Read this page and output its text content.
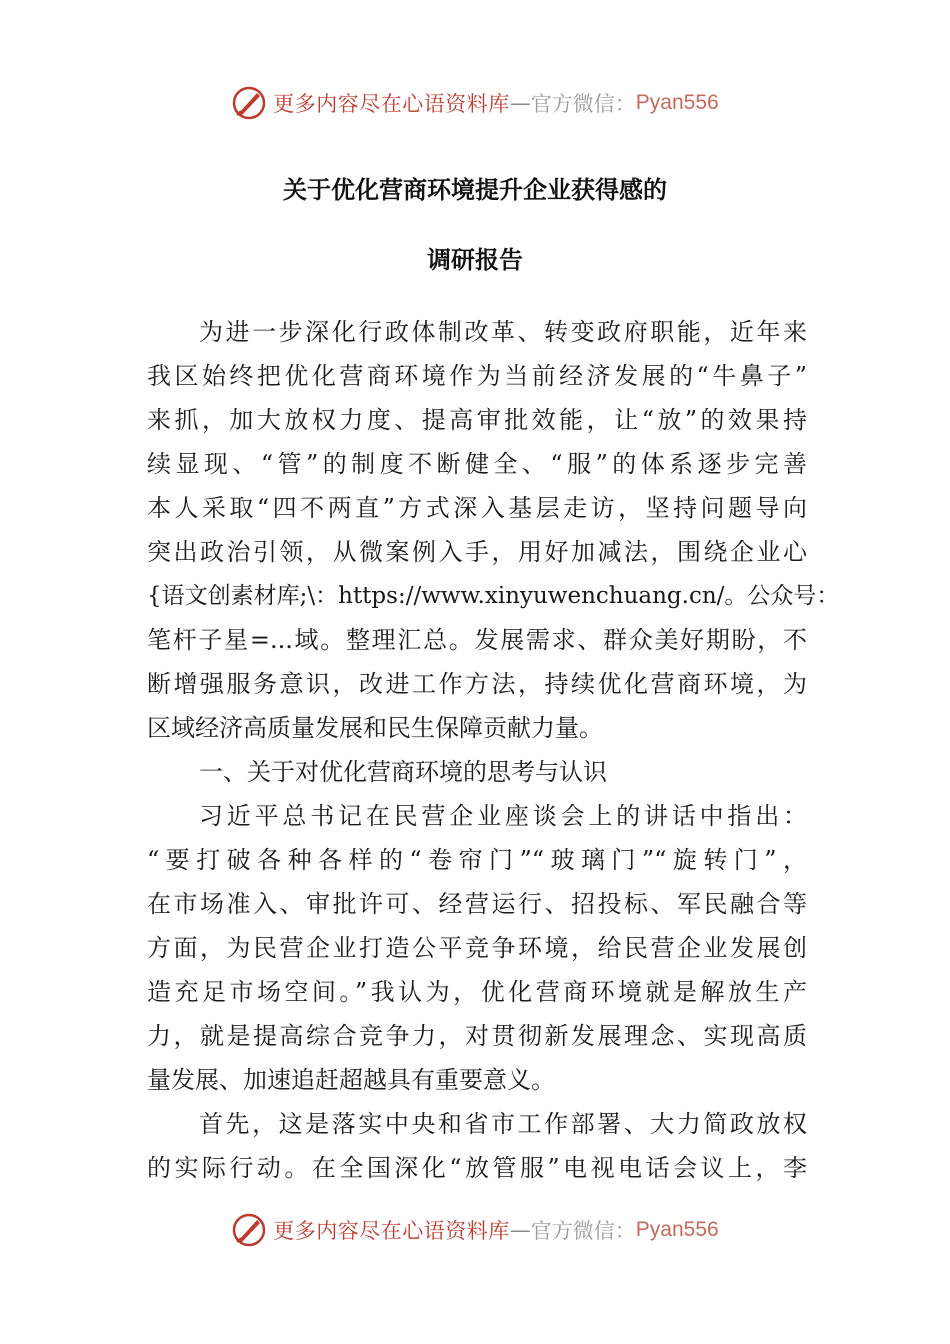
更多内容尽在心语资料库 — 官方微信： Pyan556
关于优化营商环境提升企业获得感的
调研报告
为进一步深化行政体制改革、转变政府职能，近年来
我区始终把优化营商环境作为当前经济发展的“牛鼻子”
来抓，加大放权力度、提高审批效能，让“放”的效果持
续显现、“管”的制度不断健全、“服”的体系逐步完善
本人采取“四不两直”方式深入基层走访，坚持问题导向
突出政治引领，从微案例入手，用好加减法，围绕企业心
{语文创素材库;\：https://www.xinyuwenchuang.cn/。公众号：
笔杆子星=...域。整理汇总。发展需求、群众美好期盼，不
断增强服务意识，改进工作方法，持续优化营商环境，为
区域经济高质量发展和民生保障贡献力量。
一、关于对优化营商环境的思考与认识
习近平总书记在民营企业座谈会上的讲话中指出：
“要打破各种各样的“卷帘门”“玻璃门”“旋转门”，
在市场准入、审批许可、经营运行、招投标、军民融合等
方面，为民营企业打造公平竞争环境，给民营企业发展创
造充足市场空间。”我认为，优化营商环境就是解放生产
力，就是提高综合竞争力，对贯彻新发展理念、实现高质
量发展、加速追赶超越具有重要意义。
首先，这是落实中央和省市工作部署、大力简政放权
的实际行动。在全国深化“放管服”电视电话会议上，李
更多内容尽在心语资料库 — 官方微信： Pyan556
